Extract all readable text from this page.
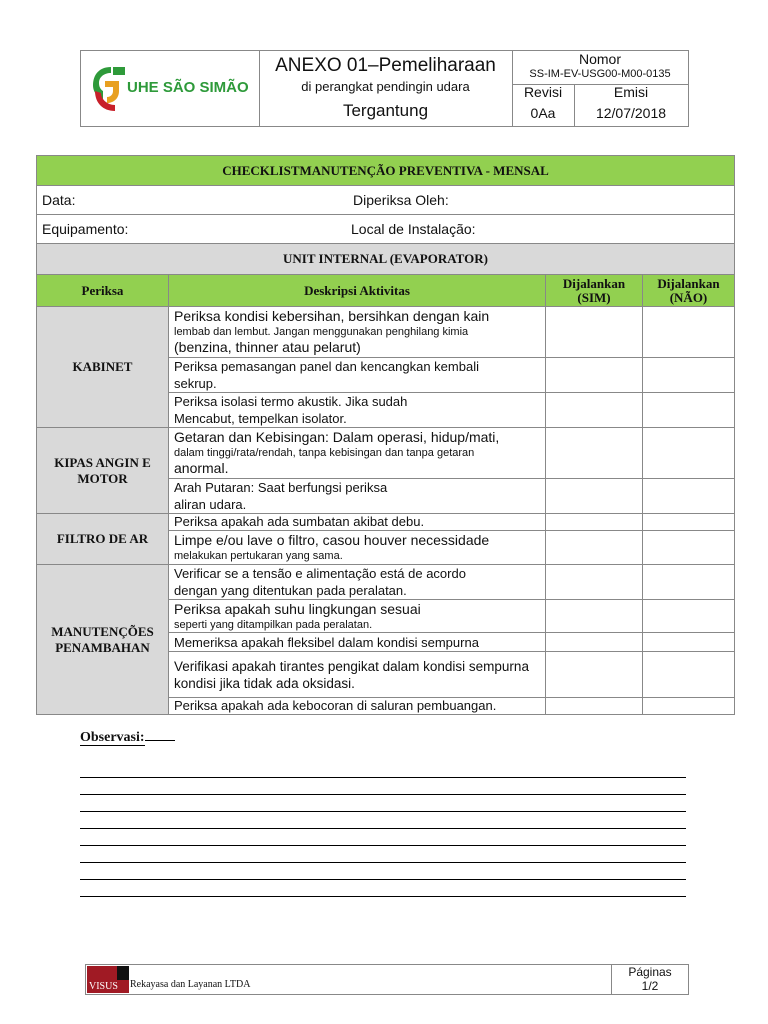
UHE SÃO SIMÃO
ANEXO 01–Pemeliharaan
di perangkat pendingin udara
Tergantung
Nomor
SS-IM-EV-USG00-M00-0135
Revisi	Emisi
0Aa	12/07/2018
CHECKLISTMANUTENÇÃO PREVENTIVA - MENSAL			
Data: Diperiksa Oleh:			

Equipamento: Local de Instalação:			

UNIT INTERNAL (EVAPORATOR)			
Periksa	Deskripsi Aktivitas	Dijalankan (SIM)	Dijalankan (NÃO)
KABINET	Periksa kondisi kebersihan, bersihkan dengan kain
lembab dan lembut. Jangan menggunakan penghilang kimia
(benzina, thinner atau pelarut)		

	Periksa pemasangan panel dan kencangkan kembali
sekrup.		

	Periksa isolasi termo akustik. Jika sudah
Mencabut, tempelkan isolator.		

KIPAS ANGIN E MOTOR	Getaran dan Kebisingan: Dalam operasi, hidup/mati,
dalam tinggi/rata/rendah, tanpa kebisingan dan tanpa getaran
anormal.		

	Arah Putaran: Saat berfungsi periksa
aliran udara.		

FILTRO DE AR	Periksa apakah ada sumbatan akibat debu.		

	Limpe e/ou lave o filtro, casou houver necessidade
melakukan pertukaran yang sama.		

MANUTENÇÕES PENAMBAHAN	Verificar se a tensão e alimentação está de acordo
dengan yang ditentukan pada peralatan.		

	Periksa apakah suhu lingkungan sesuai
seperti yang ditampilkan pada peralatan.		

	Memeriksa apakah fleksibel dalam kondisi sempurna		

	Verifikasi apakah tirantes pengikat dalam kondisi sempurna
kondisi jika tidak ada oksidasi.		

	Periksa apakah ada kebocoran di saluran pembuangan.		
Observasi:
VISUS Rekayasa dan Layanan LTDA
Páginas
1/2
